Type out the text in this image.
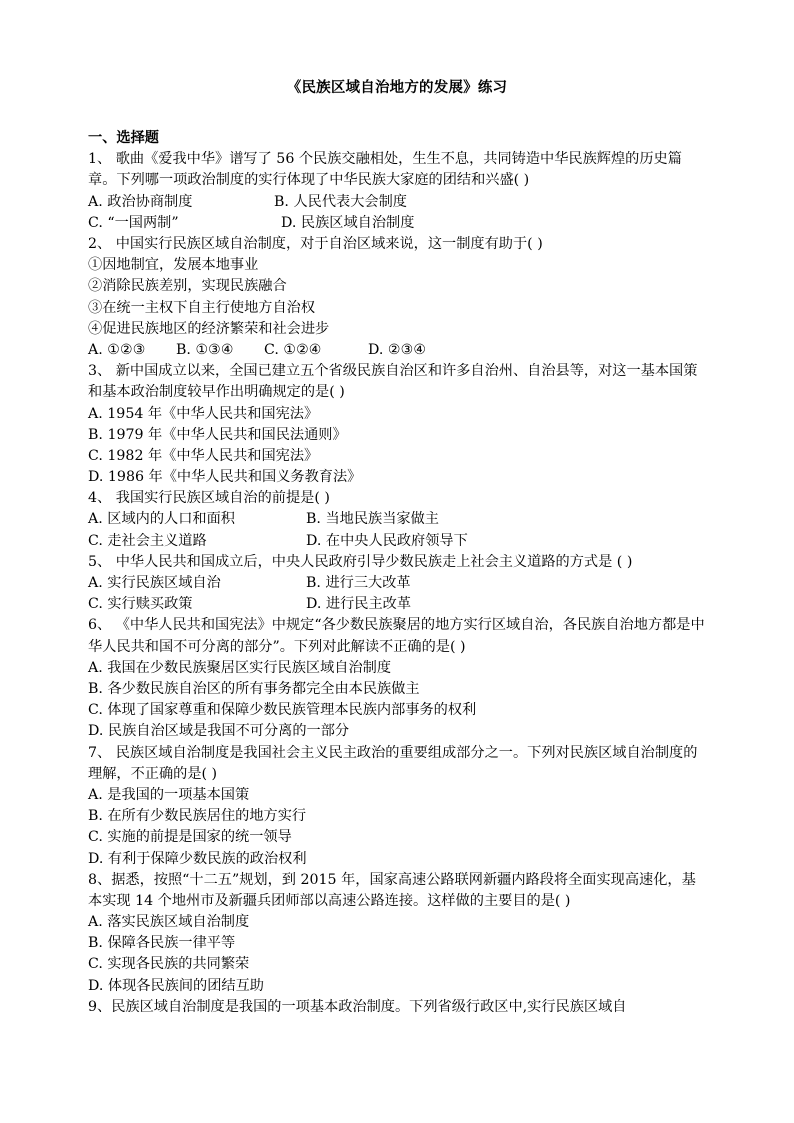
《民族区域自治地方的发展》练习
一、选择题
1、 歌曲《爱我中华》谱写了 56 个民族交融相处，生生不息，共同铸造中华民族辉煌的历史篇章。下列哪一项政治制度的实行体现了中华民族大家庭的团结和兴盛( )
A. 政治协商制度	B. 人民代表大会制度
C. “一国两制”	D. 民族区域自治制度
2、 中国实行民族区域自治制度，对于自治区域来说，这一制度有助于( )
①因地制宜，发展本地事业
②消除民族差别，实现民族融合
③在统一主权下自主行使地方自治权
④促进民族地区的经济繁荣和社会进步
A. ①②③	B. ①③④	C. ①②④	D. ②③④
3、 新中国成立以来，全国已建立五个省级民族自治区和许多自治州、自治县等，对这一基本国策和基本政治制度较早作出明确规定的是( )
A. 1954 年《中华人民共和国宪法》
B. 1979 年《中华人民共和国民法通则》
C. 1982 年《中华人民共和国宪法》
D. 1986 年《中华人民共和国义务教育法》
4、 我国实行民族区域自治的前提是( )
A. 区域内的人口和面积	B. 当地民族当家做主
C. 走社会主义道路	D. 在中央人民政府领导下
5、 中华人民共和国成立后，中央人民政府引导少数民族走上社会主义道路的方式是 ( )
A. 实行民族区域自治	B. 进行三大改革
C. 实行赎买政策	D. 进行民主改革
6、 《中华人民共和国宪法》中规定“各少数民族聚居的地方实行区域自治，各民族自治地方都是中华人民共和国不可分离的部分”。下列对此解读不正确的是( )
A. 我国在少数民族聚居区实行民族区域自治制度
B. 各少数民族自治区的所有事务都完全由本民族做主
C. 体现了国家尊重和保障少数民族管理本民族内部事务的权利
D. 民族自治区域是我国不可分离的一部分
7、 民族区域自治制度是我国社会主义民主政治的重要组成部分之一。下列对民族区域自治制度的理解，不正确的是( )
A. 是我国的一项基本国策
B. 在所有少数民族居住的地方实行
C. 实施的前提是国家的统一领导
D. 有利于保障少数民族的政治权利
8、据悉，按照“十二五”规划，到 2015 年，国家高速公路联网新疆内路段将全面实现高速化，基本实现 14 个地州市及新疆兵团师部以高速公路连接。这样做的主要目的是( )
A. 落实民族区域自治制度
B. 保障各民族一律平等
C. 实现各民族的共同繁荣
D. 体现各民族间的团结互助
9、民族区域自治制度是我国的一项基本政治制度。下列省级行政区中,实行民族区域自
